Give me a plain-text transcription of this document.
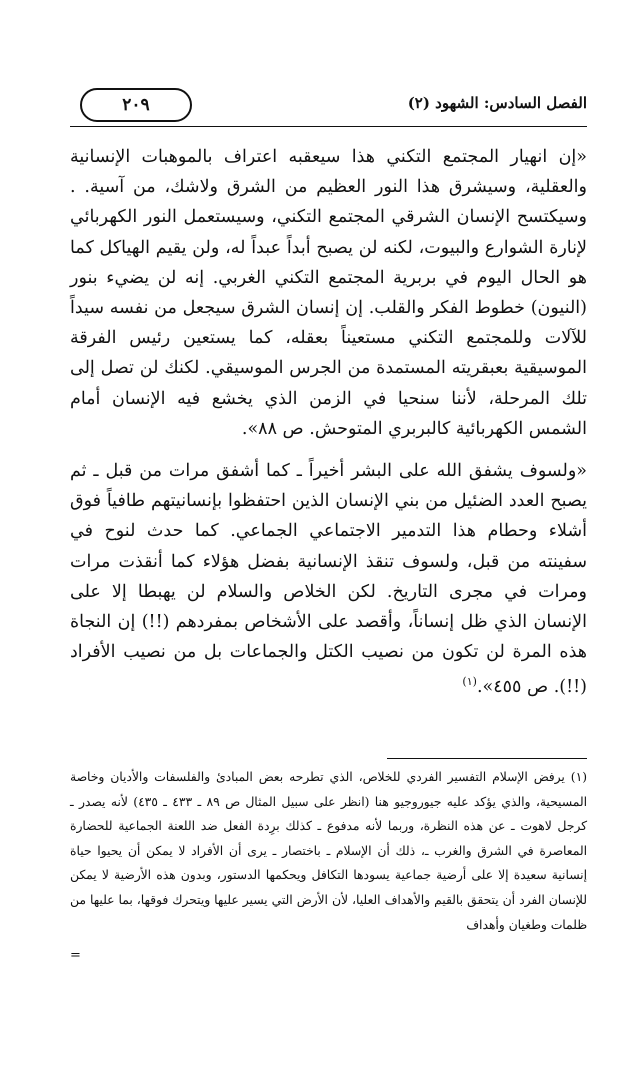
٢٠٩	الفصل السادس: الشهود (٢)

«إن انهيار المجتمع التكني هذا سيعقبه اعتراف بالموهبات الإنسانية والعقلية، وسيشرق هذا النور العظيم من الشرق ولاشك، من آسية. . وسيكتسح الإنسان الشرقي المجتمع التكني، وسيستعمل النور الكهربائي لإنارة الشوارع والبيوت، لكنه لن يصبح أبداً عبداً له، ولن يقيم الهياكل كما هو الحال اليوم في بربرية المجتمع التكني الغربي. إنه لن يضيء بنور (النيون) خطوط الفكر والقلب. إن إنسان الشرق سيجعل من نفسه سيداً للآلات وللمجتمع التكني مستعيناً بعقله، كما يستعين رئيس الفرقة الموسيقية بعبقريته المستمدة من الجرس الموسيقي. لكنك لن تصل إلى تلك المرحلة، لأننا سنحيا في الزمن الذي يخشع فيه الإنسان أمام الشمس الكهربائية كالبربري المتوحش. ص ٨٨».

«ولسوف يشفق الله على البشر أخيراً ـ كما أشفق مرات من قبل ـ ثم يصبح العدد الضئيل من بني الإنسان الذين احتفظوا بإنسانيتهم طافياً فوق أشلاء وحطام هذا التدمير الاجتماعي الجماعي. كما حدث لنوح في سفينته من قبل، ولسوف تنقذ الإنسانية بفضل هؤلاء كما أنقذت مرات ومرات في مجرى التاريخ. لكن الخلاص والسلام لن يهبطا إلا على الإنسان الذي ظل إنساناً، وأقصد على الأشخاص بمفردهم (!!) إن النجاة هذه المرة لن تكون من نصيب الكتل والجماعات بل من نصيب الأفراد (!!). ص ٤٥٥».$^{(١)}$

(١) يرفض الإسلام التفسير الفردي للخلاص، الذي تطرحه بعض المبادئ والفلسفات والأديان وخاصة المسيحية، والذي يؤكد عليه جيوروجيو هنا (انظر على سبيل المثال ص ٨٩ ـ ٤٣٣ ـ ٤٣٥) لأنه يصدر ـ كرجل لاهوت ـ عن هذه النظرة، وربما لأنه مدفوع ـ كذلك برِدة الفعل ضد اللعنة الجماعية للحضارة المعاصرة في الشرق والغرب ـ، ذلك أن الإسلام ـ باختصار ـ يرى أن الأفراد لا يمكن أن يحيوا حياة إنسانية سعيدة إلا على أرضية جماعية يسودها التكافل ويحكمها الدستور، وبدون هذه الأرضية لا يمكن للإنسان الفرد أن يتحقق بالقيم والأهداف العليا، لأن الأرض التي يسير عليها ويتحرك فوقها، بما عليها من ظلمات وطغيان وأهداف

=
